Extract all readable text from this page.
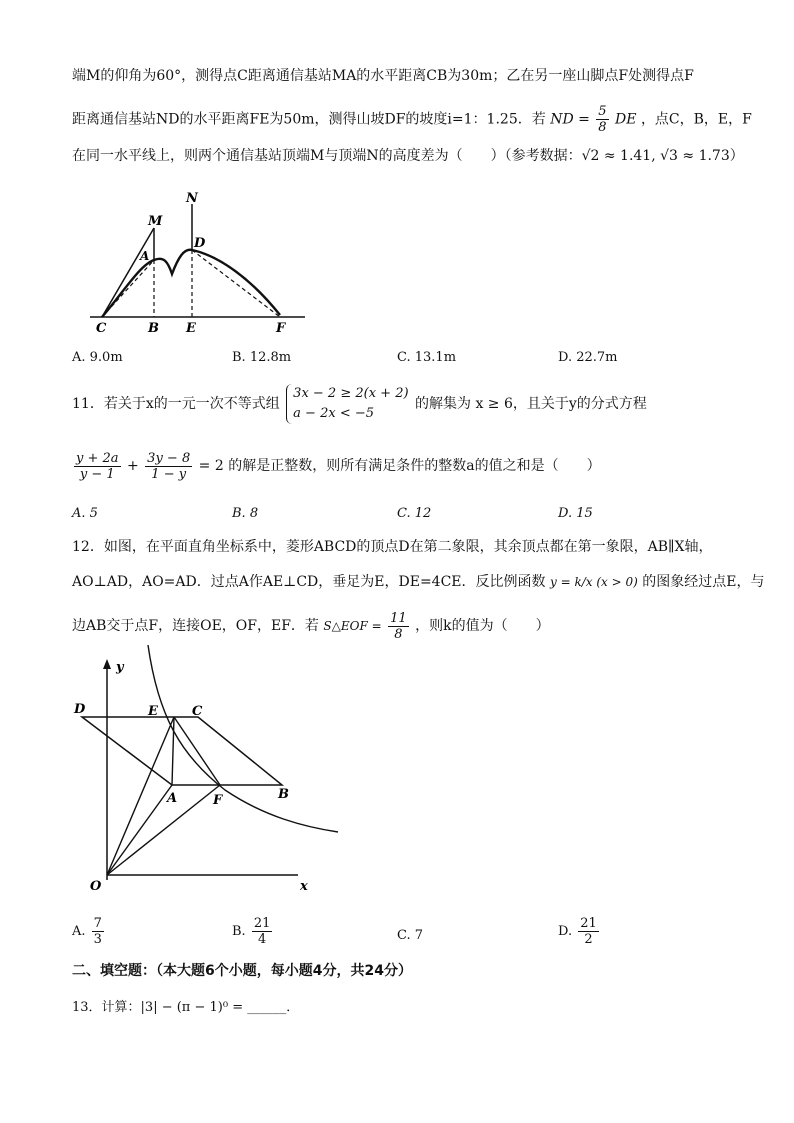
端M的仰角为60°，测得点C距离通信基站MA的水平距离CB为30m；乙在另一座山脚点F处测得点F
距离通信基站ND的水平距离FE为50m，测得山坡DF的坡度i=1：1.25．若 ND = $\frac{5}{8}$ DE ，点C，B，E，F
在同一水平线上，则两个通信基站顶端M与顶端N的高度差为（　　）（参考数据：√2 ≈ 1.41, √3 ≈ 1.73）
M
N
A
D
C	B E	F
A. 9.0m	B. 12.8m	C. 13.1m	D. 22.7m
11．若关于x的一元一次不等式组
3x − 2 ≥ 2(x + 2)
a − 2x < −5
的解集为 x ≥ 6，且关于y的分式方程
$\frac{y + 2a}{y - 1} + \frac{3y - 8}{1 - y} = 2$ 的解是正整数，则所有满足条件的整数a的值之和是（　　）
A. 5	B. 8	C. 12	D. 15
12．如图，在平面直角坐标系中，菱形ABCD的顶点D在第二象限，其余顶点都在第一象限，AB∥X轴，
AO⊥AD，AO=AD．过点A作AE⊥CD，垂足为E，DE=4CE．反比例函数 y = k/x (x > 0) 的图象经过点E，与
边AB交于点F，连接OE，OF，EF．若 S△EOF = $\frac{11}{8}$ ，则k的值为（　　）
y
x
O
D	E	C
A	F	B
A. $\frac{7}{3}$	B. $\frac{21}{4}$	C. 7	D. $\frac{21}{2}$
二、填空题：（本大题6个小题，每小题4分，共24分）
13．计算：|3| − (π − 1)⁰ = ______．
